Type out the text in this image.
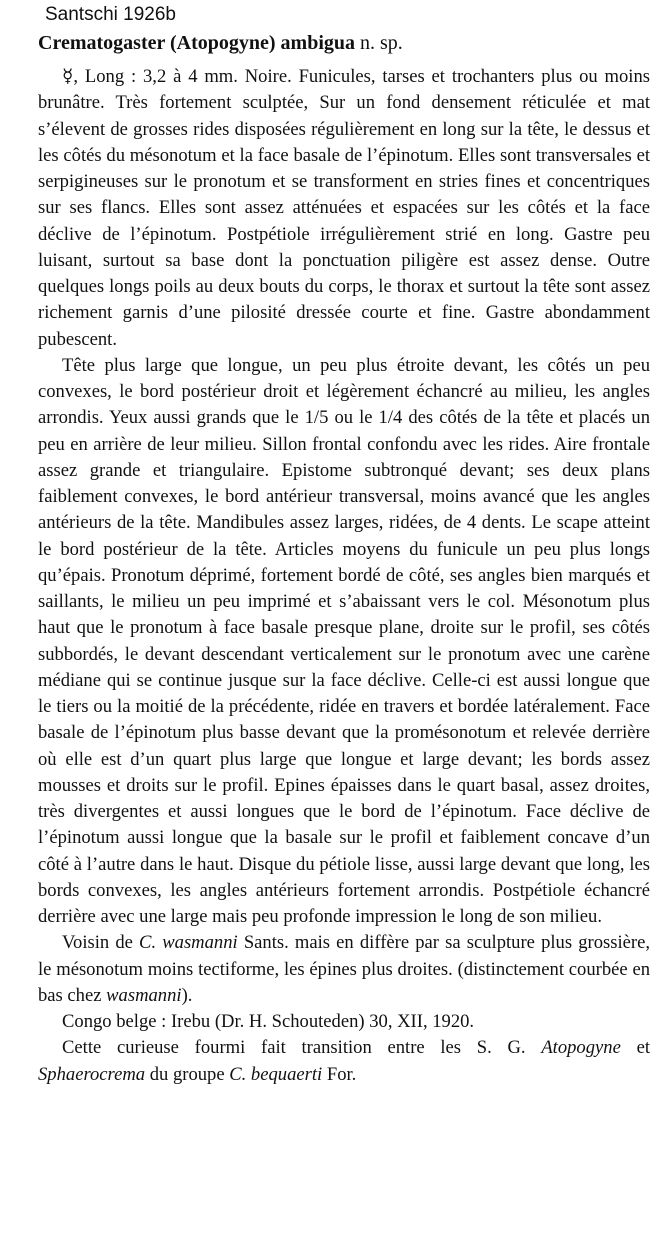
Santschi 1926b
Crematogaster (Atopogyne) ambigua n. sp.

☿, Long : 3,2 à 4 mm. Noire. Funicules, tarses et trochanters plus ou moins brunâtre. Très fortement sculptée, Sur un fond densement réticulée et mat s’élevent de grosses rides disposées régulièrement en long sur la tête, le dessus et les côtés du mésonotum et la face basale de l’épinotum. Elles sont transversales et serpigineuses sur le pronotum et se transforment en stries fines et concentriques sur ses flancs. Elles sont assez atténuées et espacées sur les côtés et la face déclive de l’épinotum. Postpétiole irrégulièrement strié en long. Gastre peu luisant, surtout sa base dont la ponctuation piligère est assez dense. Outre quelques longs poils au deux bouts du corps, le thorax et surtout la tête sont assez richement garnis d’une pilosité dressée courte et fine. Gastre abondamment pubescent.

Tête plus large que longue, un peu plus étroite devant, les côtés un peu convexes, le bord postérieur droit et légèrement échancré au milieu, les angles arrondis. Yeux aussi grands que le 1/5 ou le 1/4 des côtés de la tête et placés un peu en arrière de leur milieu. Sillon frontal confondu avec les rides. Aire frontale assez grande et triangulaire. Epistome subtronqué devant; ses deux plans faiblement convexes, le bord antérieur transversal, moins avancé que les angles antérieurs de la tête. Mandibules assez larges, ridées, de 4 dents. Le scape atteint le bord postérieur de la tête. Articles moyens du funicule un peu plus longs qu’épais. Pronotum déprimé, fortement bordé de côté, ses angles bien marqués et saillants, le milieu un peu imprimé et s’abaissant vers le col. Mésonotum plus haut que le pronotum à face basale presque plane, droite sur le profil, ses côtés subbordés, le devant descendant verticalement sur le pronotum avec une carène médiane qui se continue jusque sur la face déclive. Celle-ci est aussi longue que le tiers ou la moitié de la précédente, ridée en travers et bordée latéralement. Face basale de l’épinotum plus basse devant que la promésonotum et relevée derrière où elle est d’un quart plus large que longue et large devant; les bords assez mousses et droits sur le profil. Epines épaisses dans le quart basal, assez droites, très divergentes et aussi longues que le bord de l’épinotum. Face déclive de l’épinotum aussi longue que la basale sur le profil et faiblement concave d’un côté à l’autre dans le haut. Disque du pétiole lisse, aussi large devant que long, les bords convexes, les angles antérieurs fortement arrondis. Postpétiole échancré derrière avec une large mais peu profonde impression le long de son milieu.

Voisin de C. wasmanni Sants. mais en diffère par sa sculpture plus grossière, le mésonotum moins tectiforme, les épines plus droites. (distinctement courbée en bas chez wasmanni).

Congo belge : Irebu (Dr. H. Schouteden) 30, XII, 1920.

Cette curieuse fourmi fait transition entre les S. G. Atopogyne et Sphaerocrema du groupe C. bequaerti For.
